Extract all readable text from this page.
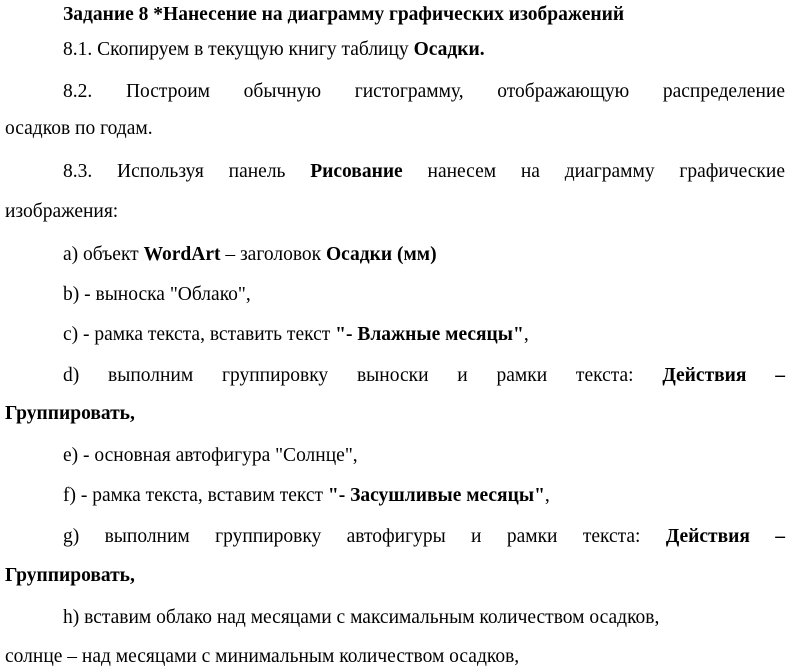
Задание 8 *Нанесение на диаграмму графических изображений
8.1. Скопируем в текущую книгу таблицу Осадки.
8.2. Построим обычную гистограмму, отображающую распределение
осадков по годам.
8.3. Используя панель Рисование нанесем на диаграмму графические
изображения:
а) объект WordArt – заголовок Осадки (мм)
b) - выноска "Облако",
c) - рамка текста, вставить текст "- Влажные месяцы",
d) выполним группировку выноски и рамки текста: Действия –
Группировать,
e) - основная автофигура "Солнце",
f) - рамка текста, вставим текст "- Засушливые месяцы",
g) выполним группировку автофигуры и рамки текста: Действия –
Группировать,
h) вставим облако над месяцами с максимальным количеством осадков,
солнце – над месяцами с минимальным количеством осадков,
